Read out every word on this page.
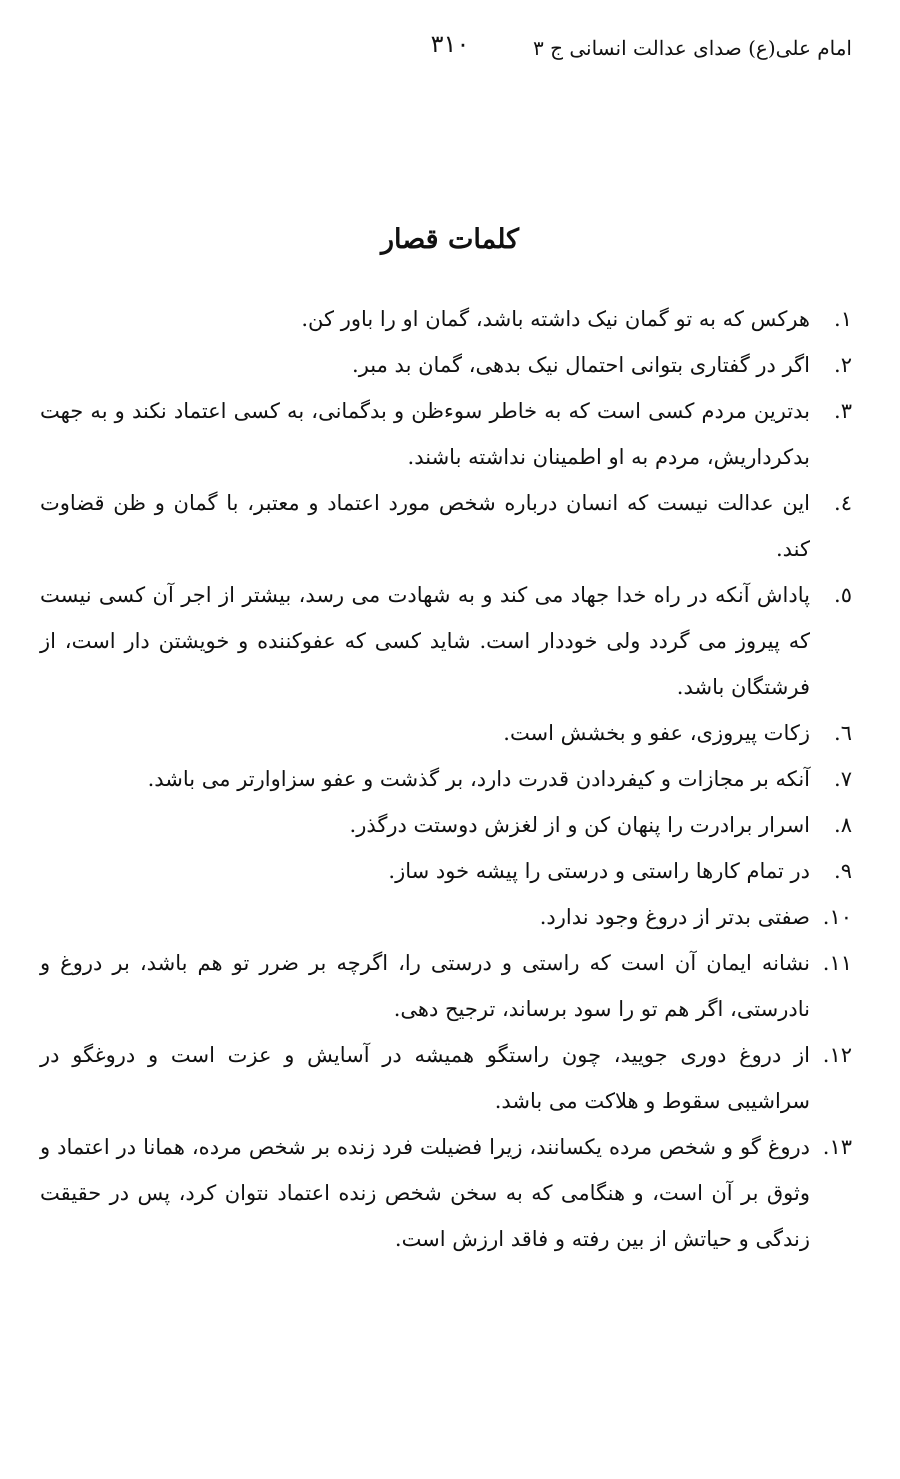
امام علی(ع) صدای عدالت انسانی ج ۳
۳۱۰
کلمات قصار
١.
هرکس که به تو گمان نیک داشته باشد، گمان او را باور کن.
٢.
اگر در گفتاری بتوانی احتمال نیک بدهی، گمان بد مبر.
٣.
بدترین مردم کسی است که به خاطر سوءظن و بدگمانی، به کسی اعتماد نکند و به جهت بدکرداریش، مردم به او اطمینان نداشته باشند.
٤.
این عدالت نیست که انسان درباره شخص مورد اعتماد و معتبر، با گمان و ظن قضاوت کند.
٥.
پاداش آنکه در راه خدا جهاد می کند و به شهادت می رسد، بیشتر از اجر آن کسی نیست که پیروز می گردد ولی خوددار است. شاید کسی که عفوکننده و خویشتن دار است، از فرشتگان باشد.
٦.
زکات پیروزی، عفو و بخشش است.
٧.
آنکه بر مجازات و کیفردادن قدرت دارد، بر گذشت و عفو سزاوارتر می باشد.
٨.
اسرار برادرت را پنهان کن و از لغزش دوستت درگذر.
٩.
در تمام کارها راستی و درستی را پیشه خود ساز.
١٠.
صفتی بدتر از دروغ وجود ندارد.
١١.
نشانه ایمان آن است که راستی و درستی را، اگرچه بر ضرر تو هم باشد، بر دروغ و نادرستی، اگر هم تو را سود برساند، ترجیح دهی.
١٢.
از دروغ دوری جویید، چون راستگو همیشه در آسایش و عزت است و دروغگو در سراشیبی سقوط و هلاکت می باشد.
١٣.
دروغ گو و شخص مرده یکسانند، زیرا فضیلت فرد زنده بر شخص مرده، همانا در اعتماد و وثوق بر آن است، و هنگامی که به سخن شخص زنده اعتماد نتوان کرد، پس در حقیقت زندگی و حیاتش از بین رفته و فاقد ارزش است.
